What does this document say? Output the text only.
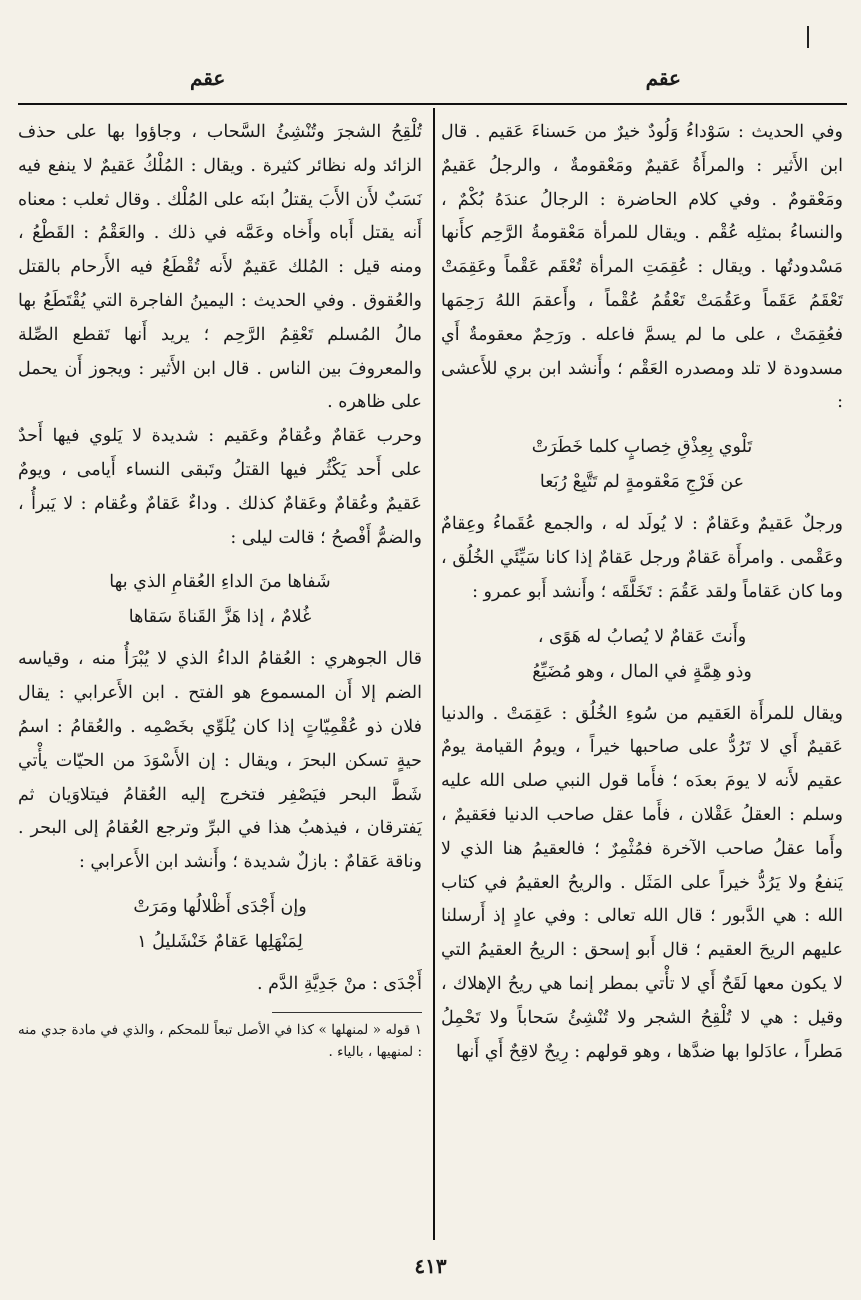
عقم
عقم

وفي الحديث : سَوْداءُ وَلُودٌ خيرٌ من حَسناءَ عَقيم . قال ابن الأَثير : والمرأَةُ عَقيمٌ ومَعْقومةٌ ، والرجلُ عَقيمٌ ومَعْقومٌ . وفي كلام الحاضرة : الرجالُ عندَهُ بُكْمٌ ، والنساءُ بمثلِه عُقْم . ويقال للمرأة مَعْقومةُ الرَّحِم كأَنها مَسْدودتُها . ويقال : عُقِمَتِ المرأة تُعْقَم عَقْماً وعَقِمَتْ تَعْقَمُ عَقَماً وعَقُمَتْ تَعْقُمُ عُقْماً ، وأَعقمَ اللهُ رَحِمَها فعُقِمَتْ ، على ما لم يسمَّ فاعله . ورَحِمٌ معقومةٌ أَي مسدودة لا تلد ومصدره العَقْم ؛ وأَنشد ابن بري للأَعشى :

تَلْوي بِعِذْقِ خِصابٍ كلما خَطَرَتْ
عن فَرْجِ مَعْقومةٍ لم تَتَّبِعْ رُبَعا

ورجلٌ عَقيمٌ وعَقامٌ : لا يُولَد له ، والجمع عُقَماءُ وعِقامٌ وعَقْمى . وامرأَة عَقامٌ ورجل عَقامٌ إذا كانا سَيِّئَي الخُلُق ، وما كان عَقاماً ولقد عَقُمَ : تَخَلَّقَه ؛ وأَنشد أَبو عمرو :

وأَنتَ عَقامٌ لا يُصابُ له هَوًى ،
وذو هِمَّةٍ في المال ، وهو مُضَيِّعُ

ويقال للمرأَة العَقيم من سُوءِ الخُلُق : عَقِمَتْ . والدنيا عَقيمٌ أَي لا تَرُدُّ على صاحبها خيراً ، ويومُ القيامة يومٌ عقيم لأَنه لا يومَ بعدَه ؛ فأَما قول النبي صلى الله عليه وسلم : العقلُ عَقْلان ، فأَما عقل صاحب الدنيا فعَقيمٌ ، وأَما عقلُ صاحب الآخرة فمُثْمِرٌ ؛ فالعقيمُ هنا الذي لا يَنفعُ ولا يَرُدُّ خيراً على المَثَل . والريحُ العقيمُ في كتاب الله : هي الدَّبور ؛ قال الله تعالى : وفي عادٍ إذ أَرسلنا عليهم الريحَ العقيم ؛ قال أَبو إسحق : الريحُ العقيمُ التي لا يكون معها لَقَحٌ أَي لا تأْتي بمطر إنما هي ريحُ الإهلاك ، وقيل : هي لا تُلْقِحُ الشجر ولا تُنْشِئُ سَحاباً ولا تَحْمِلُ مَطراً ، عادَلوا بها ضدَّها ، وهو قولهم : رِيحٌ لاقِحٌ أَي أَنها

تُلْقِحُ الشجرَ وتُنْشِئُ السَّحاب ، وجاؤوا بها على حذف الزائد وله نظائر كثيرة . ويقال : المُلْكُ عَقيمٌ لا ينفع فيه نَسَبٌ لأَن الأَبَ يقتلُ ابنَه على المُلْك . وقال ثعلب : معناه أَنه يقتل أَباه وأَخاه وعَمَّه في ذلك . والعَقْمُ : القَطْعُ ، ومنه قيل : المُلك عَقيمٌ لأَنه تُقْطَعُ فيه الأَرحام بالقتل والعُقوق . وفي الحديث : اليمينُ الفاجرة التي يُقْتَطَعُ بها مالُ المُسلم تَعْقِمُ الرَّحِم ؛ يريد أَنها تَقطع الصِّلة والمعروفَ بين الناس . قال ابن الأَثير : ويجوز أَن يحمل على ظاهره .

وحرب عَقامٌ وعُقامٌ وعَقيم : شديدة لا يَلوي فيها أَحدٌ على أَحد يَكْثُر فيها القتلُ وتَبقى النساء أَيامى ، ويومٌ عَقيمٌ وعُقامٌ وعَقامٌ كذلك . وداءٌ عَقامٌ وعُقام : لا يَبرأُ ، والضمُّ أَفْصحُ ؛ قالت ليلى :

شَفاها منَ الداءِ العُقامِ الذي بها
غُلامٌ ، إذا هَزَّ القَناةَ سَقاها

قال الجوهري : العُقامُ الداءُ الذي لا يُبْرَأُ منه ، وقياسه الضم إلا أَن المسموع هو الفتح . ابن الأَعرابي : يقال فلان ذو عُقْمِيّاتٍ إذا كان يُلَوِّي بخَصْمِه . والعُقامُ : اسمُ حيةٍ تسكن البحرَ ، ويقال : إن الأَسْوَدَ من الحيّات يأْتي شَطَّ البحر فيَصْفِر فتخرج إليه العُقامُ فيتلاوَيان ثم يَفترقان ، فيذهبُ هذا في البرِّ وترجع العُقامُ إلى البحر . وناقة عَقامٌ : بازلٌ شديدة ؛ وأَنشد ابن الأَعرابي :

وإن أَجْدَى أَظْلالُها ومَرَتْ
لِمَنْهَلِها عَقامٌ خَنْشَليلُ ١

أَجْدَى : منْ جَدِيَّةِ الدَّم .

١ قوله « لمنهلها » كذا في الأصل تبعاً للمحكم ، والذي في مادة جدي منه : لمنهيها ، بالياء .
٤١٣
